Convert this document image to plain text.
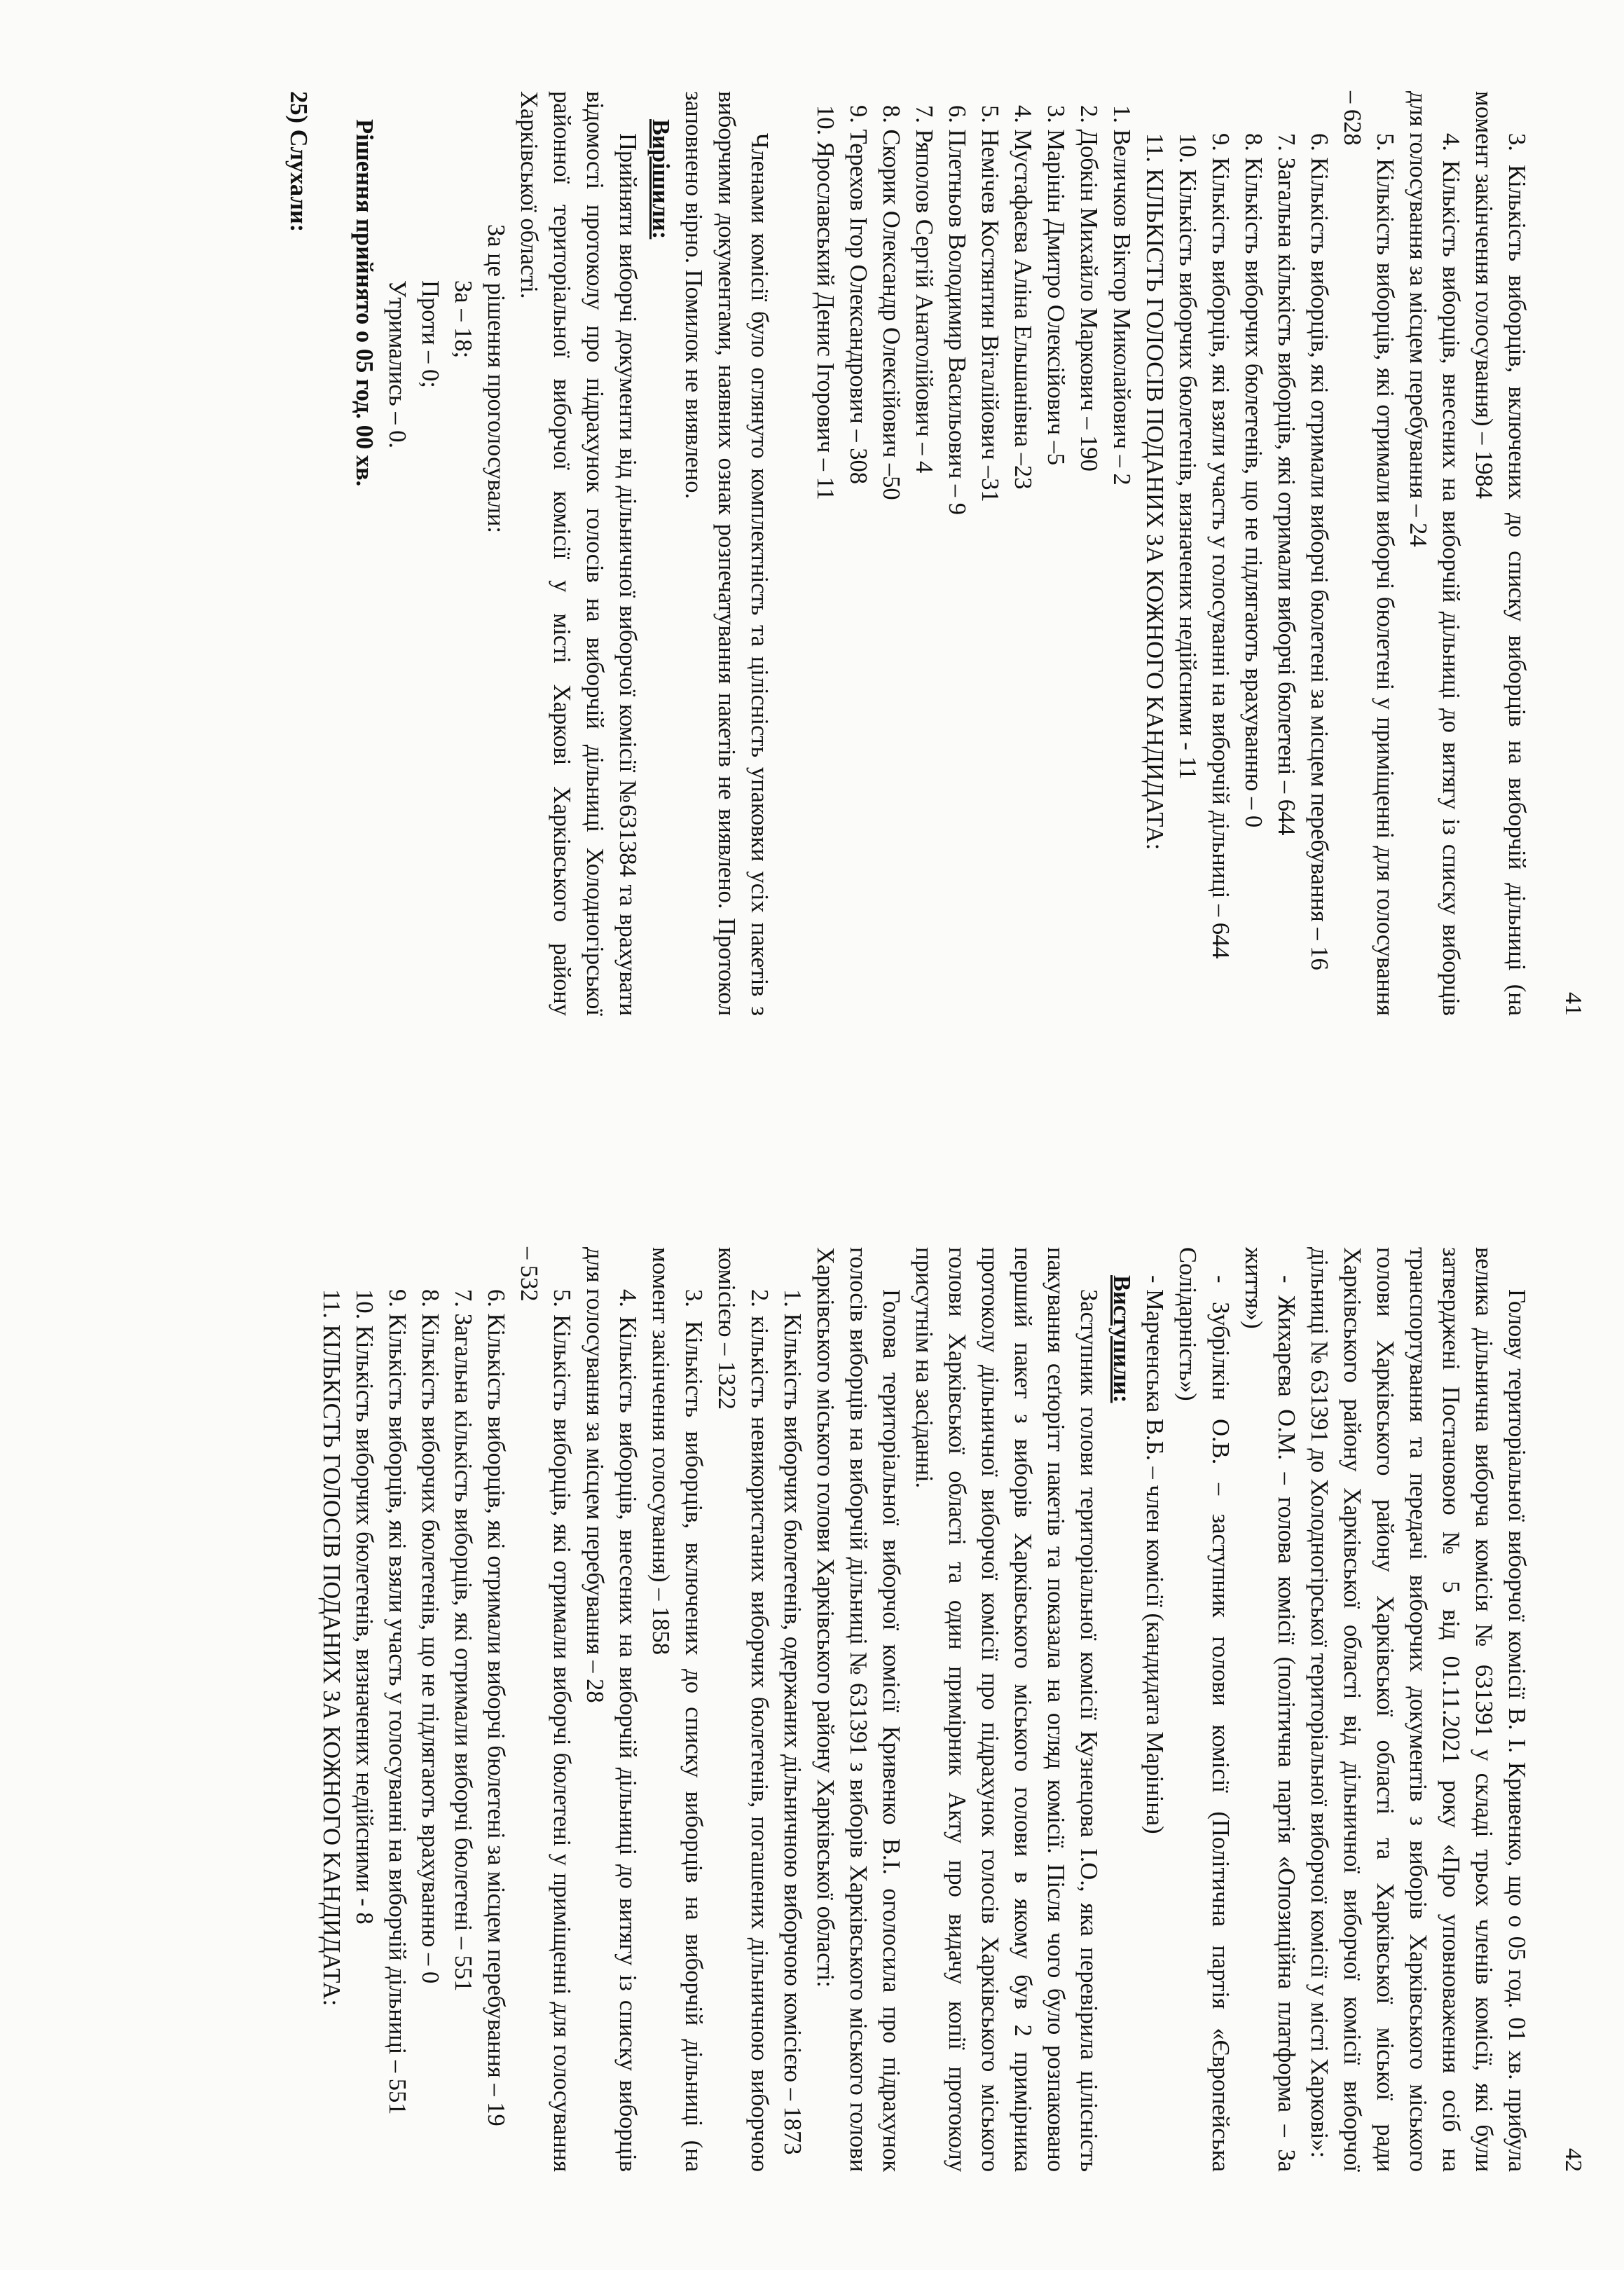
41

3. Кількість виборців, включених до списку виборців на виборчій дільниці (на момент закінчення голосування) – 1984

4. Кількість виборців, внесених на виборчій дільниці до витягу із списку виборців для голосування за місцем перебування – 24

5. Кількість виборців, які отримали виборчі бюлетені у приміщенні для голосування – 628

6. Кількість виборців, які отримали виборчі бюлетені за місцем перебування – 16

7. Загальна кількість виборців, які отримали виборчі бюлетені – 644

8. Кількість виборчих бюлетенів, що не підлягають врахуванню – 0

9. Кількість виборців, які взяли участь у голосуванні на виборчій дільниці – 644

10. Кількість виборчих бюлетенів, визначених недійсними - 11

11. КІЛЬКІСТЬ ГОЛОСІВ ПОДАНИХ ЗА КОЖНОГО КАНДИДАТА:

1. Величков Віктор Миколайович – 2

2. Добкін Михайло Маркович – 190

3. Марінін Дмитро Олексійович –5

4. Мустафаєва Аліна Ельшанівна –23

5. Немічев Костянтин Віталійович –31

6. Плетньов Володимир Васильович – 9

7. Ряполов Сергій Анатолійович – 4

8. Скорик Олександр Олексійович –50

9. Терехов Ігор Олександрович – 308

10. Ярославський Денис Ігорович – 11

Членами комісії було оглянуто комплектність та цілісність упаковки усіх пакетів з виборчими документами, наявних ознак розпечатування пакетів не виявлено. Протокол заповнено вірно. Помилок не виявлено.

Вирішили:

Прийняти виборчі документи від дільничної виборчої комісії №631384 та врахувати відомості протоколу про підрахунок голосів на виборчій дільниці Холодногірської районної територіальної виборчої комісії у місті Харкові Харківського району Харківської області.

За це рішення проголосували:

За – 18;

Проти – 0;

Утримались – 0.

Рішення прийнято о 05 год. 00 хв.

25) Слухали:

42

Голову територіальної виборчої комісії В. І. Кривенко, що о 05 год. 01 хв. прибула велика дільнична виборча комісія № 631391 у складі трьох членів комісії, які були затверджені Постановою № 5 від 01.11.2021 року «Про уповноваження осіб на транспортування та передачі виборчих документів з виборів Харківського міського голови Харківського району Харківської області та Харківської міської ради Харківського району Харківської області від дільничної виборчої комісії виборчої дільниці № 631391 до Холодногірської територіальної виборчої комісії у місті Харкові»:

- Жихарєва О.М. – голова комісії (політична партія «Опозиційна платформа – За життя»)

- Зубрілкін О.В. – заступник голови комісії (Політична партія «Європейська Солідарність»)

- Марченська В.Б. – член комісії (кандидата Марініна)

Виступили:

Заступник голови територіальної комісії Кузнецова І.О., яка перевірила цілісність пакування сеґюрітт пакетів та показала на огляд комісії. Після чого було розпаковано перший пакет з виборів Харківського міського голови в якому був 2 примірника протоколу дільничної виборчої комісії про підрахунок голосів Харківського міського голови Харківської області та один примірник Акту про видачу копії протоколу присутнім на засіданні.

Голова територіальної виборчої комісії Кривенко В.І. оголосила про підрахунок голосів виборців на виборчій дільниці № 631391 з виборів Харківського міського голови Харківського міського голови Харківського району Харківської області:

1. Кількість виборчих бюлетенів, одержаних дільничною виборчою комісією – 1873

2. кількість невикористаних виборчих бюлетенів, погашених дільничною виборчою комісією – 1322

3. Кількість виборців, включених до списку виборців на виборчій дільниці (на момент закінчення голосування) – 1858

4. Кількість виборців, внесених на виборчій дільниці до витягу із списку виборців для голосування за місцем перебування – 28

5. Кількість виборців, які отримали виборчі бюлетені у приміщенні для голосування – 532

6. Кількість виборців, які отримали виборчі бюлетені за місцем перебування – 19

7. Загальна кількість виборців, які отримали виборчі бюлетені – 551

8. Кількість виборчих бюлетенів, що не підлягають врахуванню – 0

9. Кількість виборців, які взяли участь у голосуванні на виборчій дільниці – 551

10. Кількість виборчих бюлетенів, визначених недійсними - 8

11. КІЛЬКІСТЬ ГОЛОСІВ ПОДАНИХ ЗА КОЖНОГО КАНДИДАТА:
